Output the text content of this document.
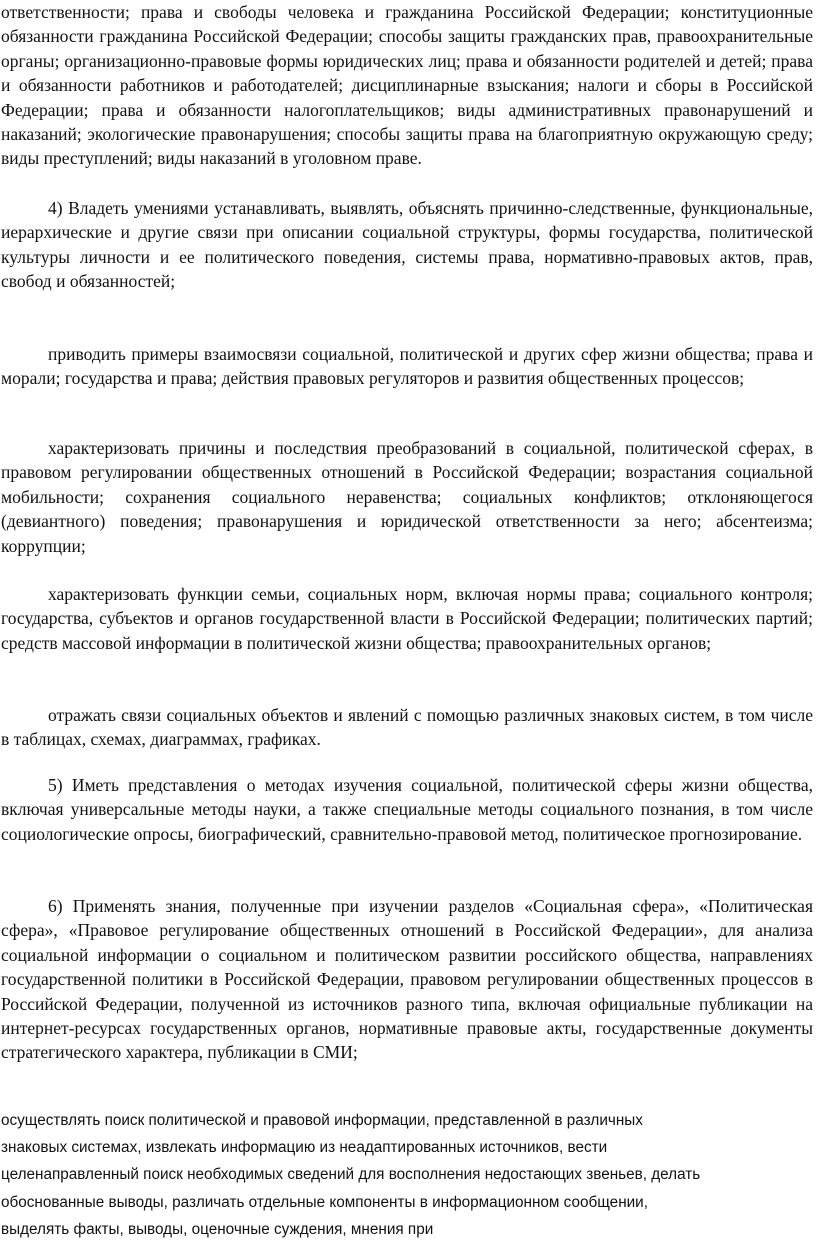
ответственности; права и свободы человека и гражданина Российской Федерации; конституционные обязанности гражданина Российской Федерации; способы защиты гражданских прав, правоохранительные органы; организационно-правовые формы юридических лиц; права и обязанности родителей и детей; права и обязанности работников и работодателей; дисциплинарные взыскания; налоги и сборы в Российской Федерации; права и обязанности налогоплательщиков; виды административных правонарушений и наказаний; экологические правонарушения; способы защиты права на благоприятную окружающую среду; виды преступлений; виды наказаний в уголовном праве.

4) Владеть умениями устанавливать, выявлять, объяснять причинно-следственные, функциональные, иерархические и другие связи при описании социальной структуры, формы государства, политической культуры личности и ее политического поведения, системы права, нормативно-правовых актов, прав, свобод и обязанностей;

приводить примеры взаимосвязи социальной, политической и других сфер жизни общества; права и морали; государства и права; действия правовых регуляторов и развития общественных процессов;

характеризовать причины и последствия преобразований в социальной, политической сферах, в правовом регулировании общественных отношений в Российской Федерации; возрастания социальной мобильности; сохранения социального неравенства; социальных конфликтов; отклоняющегося (девиантного) поведения; правонарушения и юридической ответственности за него; абсентеизма; коррупции;

характеризовать функции семьи, социальных норм, включая нормы права; социального контроля; государства, субъектов и органов государственной власти в Российской Федерации; политических партий; средств массовой информации в политической жизни общества; правоохранительных органов;

отражать связи социальных объектов и явлений с помощью различных знаковых систем, в том числе в таблицах, схемах, диаграммах, графиках.

5) Иметь представления о методах изучения социальной, политической сферы жизни общества, включая универсальные методы науки, а также специальные методы социального познания, в том числе социологические опросы, биографический, сравнительно-правовой метод, политическое прогнозирование.

6) Применять знания, полученные при изучении разделов «Социальная сфера», «Политическая сфера», «Правовое регулирование общественных отношений в Российской Федерации», для анализа социальной информации о социальном и политическом развитии российского общества, направлениях государственной политики в Российской Федерации, правовом регулировании общественных процессов в Российской Федерации, полученной из источников разного типа, включая официальные публикации на интернет-ресурсах государственных органов, нормативные правовые акты, государственные документы стратегического характера, публикации в СМИ;

осуществлять поиск политической и правовой информации, представленной в различных
знаковых системах, извлекать информацию из неадаптированных источников, вести
целенаправленный поиск необходимых сведений для восполнения недостающих звеньев, делать
обоснованные выводы, различать отдельные компоненты в информационном сообщении,
выделять факты, выводы, оценочные суждения, мнения при
